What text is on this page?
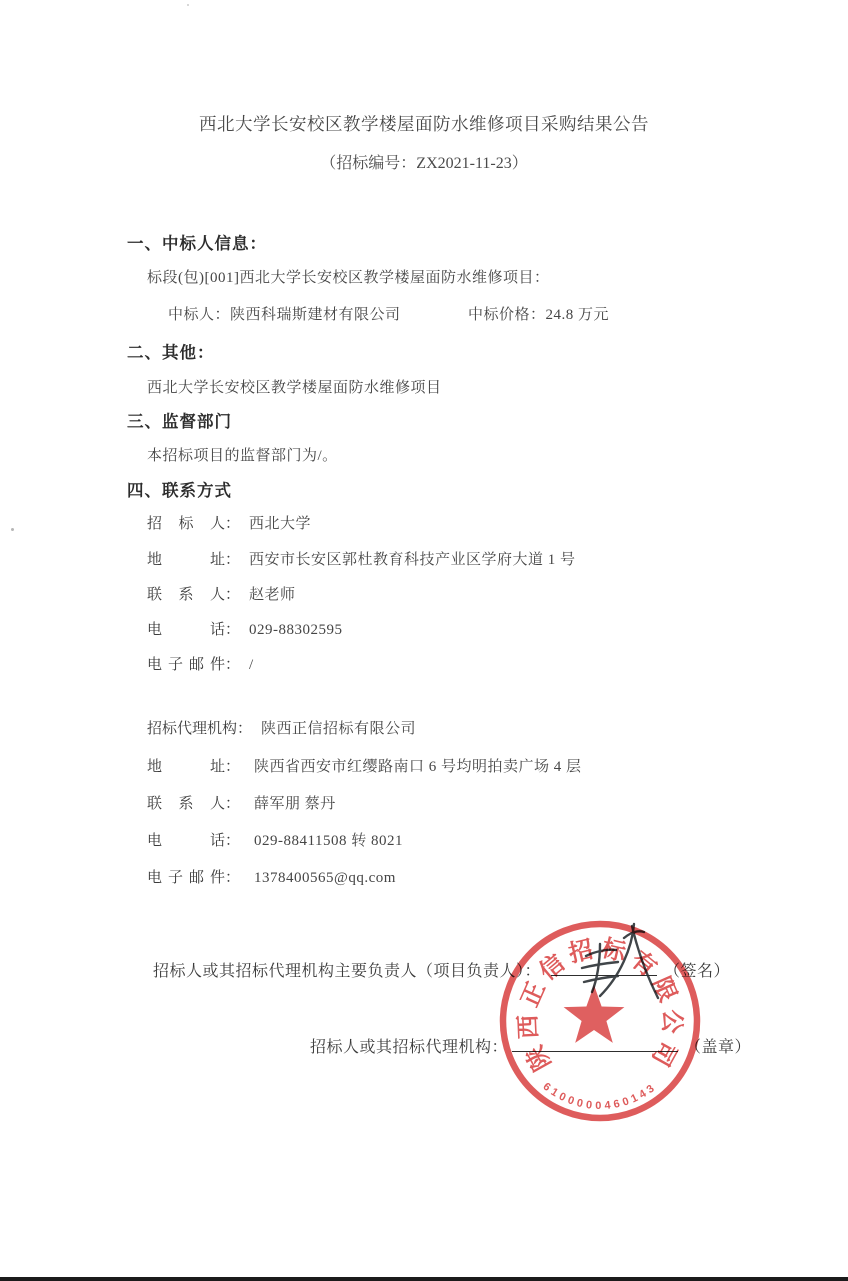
西北大学长安校区教学楼屋面防水维修项目采购结果公告
（招标编号：ZX2021-11-23）
一、中标人信息：
标段(包)[001]西北大学长安校区教学楼屋面防水维修项目：
中标人：陕西科瑞斯建材有限公司	中标价格：24.8 万元
二、其他：
西北大学长安校区教学楼屋面防水维修项目
三、监督部门
本招标项目的监督部门为/。
四、联系方式
招标人： 西北大学
地址： 西安市长安区郭杜教育科技产业区学府大道 1 号
联系人： 赵老师
电话： 029-88302595
电子邮件： /
招标代理机构： 陕西正信招标有限公司
地址： 陕西省西安市红缨路南口 6 号均明拍卖广场 4 层
联系人： 薛军朋 蔡丹
电话： 029-88411508 转 8021
电子邮件： 1378400565@qq.com
招标人或其招标代理机构主要负责人（项目负责人）：	（签名）
招标人或其招标代理机构：	（盖章）
陕西正信招标有限公司
6100000460143
